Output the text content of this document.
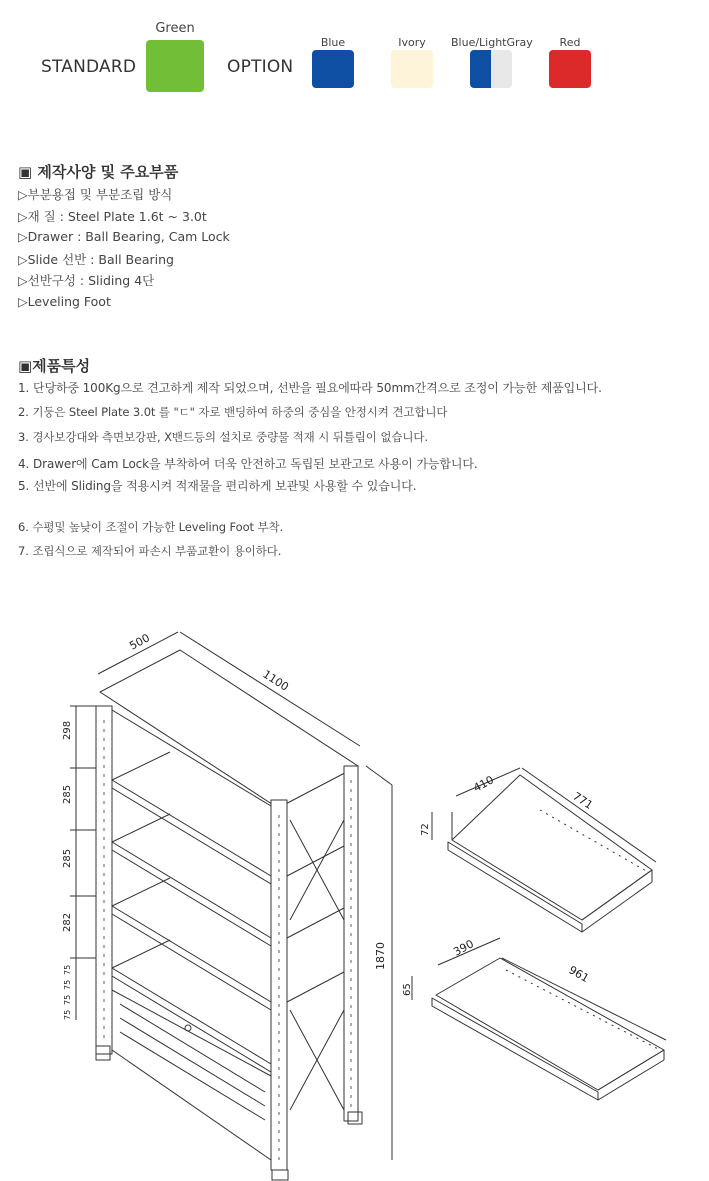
STANDARD
Green
OPTION
Blue	Ivory	Blue/LightGray	Red
▣ 제작사양 및 주요부품
▷부분용접 및 부분조립 방식
▷재 질 : Steel Plate 1.6t ~ 3.0t
▷Drawer : Ball Bearing, Cam Lock
▷Slide 선반 : Ball Bearing
▷선반구성 : Sliding 4단
▷Leveling Foot
▣제품특성
1. 단당하중 100Kg으로 견고하게 제작 되었으며, 선반을 필요에따라 50mm간격으로 조정이 가능한 제품입니다.
2. 기둥은 Steel Plate 3.0t 를 "ㄷ" 자로 밴딩하여 하중의 중심을 안정시켜 견고합니다
3. 경사보강대와 측면보강판, X밴드등의 설치로 중량물 적재 시 뒤틀림이 없습니다.
4. Drawer에 Cam Lock을 부착하여 더욱 안전하고 독립된 보관고로 사용이 가능합니다.
5. 선반에 Sliding을 적용시켜 적재물을 편리하게 보관및 사용할 수 있습니다.
6. 수평및 높낮이 조절이 가능한 Leveling Foot 부착.
7. 조립식으로 제작되어 파손시 부품교환이 용이하다.
500
1100
1870
298
285
285
282
75
75
75
75
410
771
72
390
961
65
